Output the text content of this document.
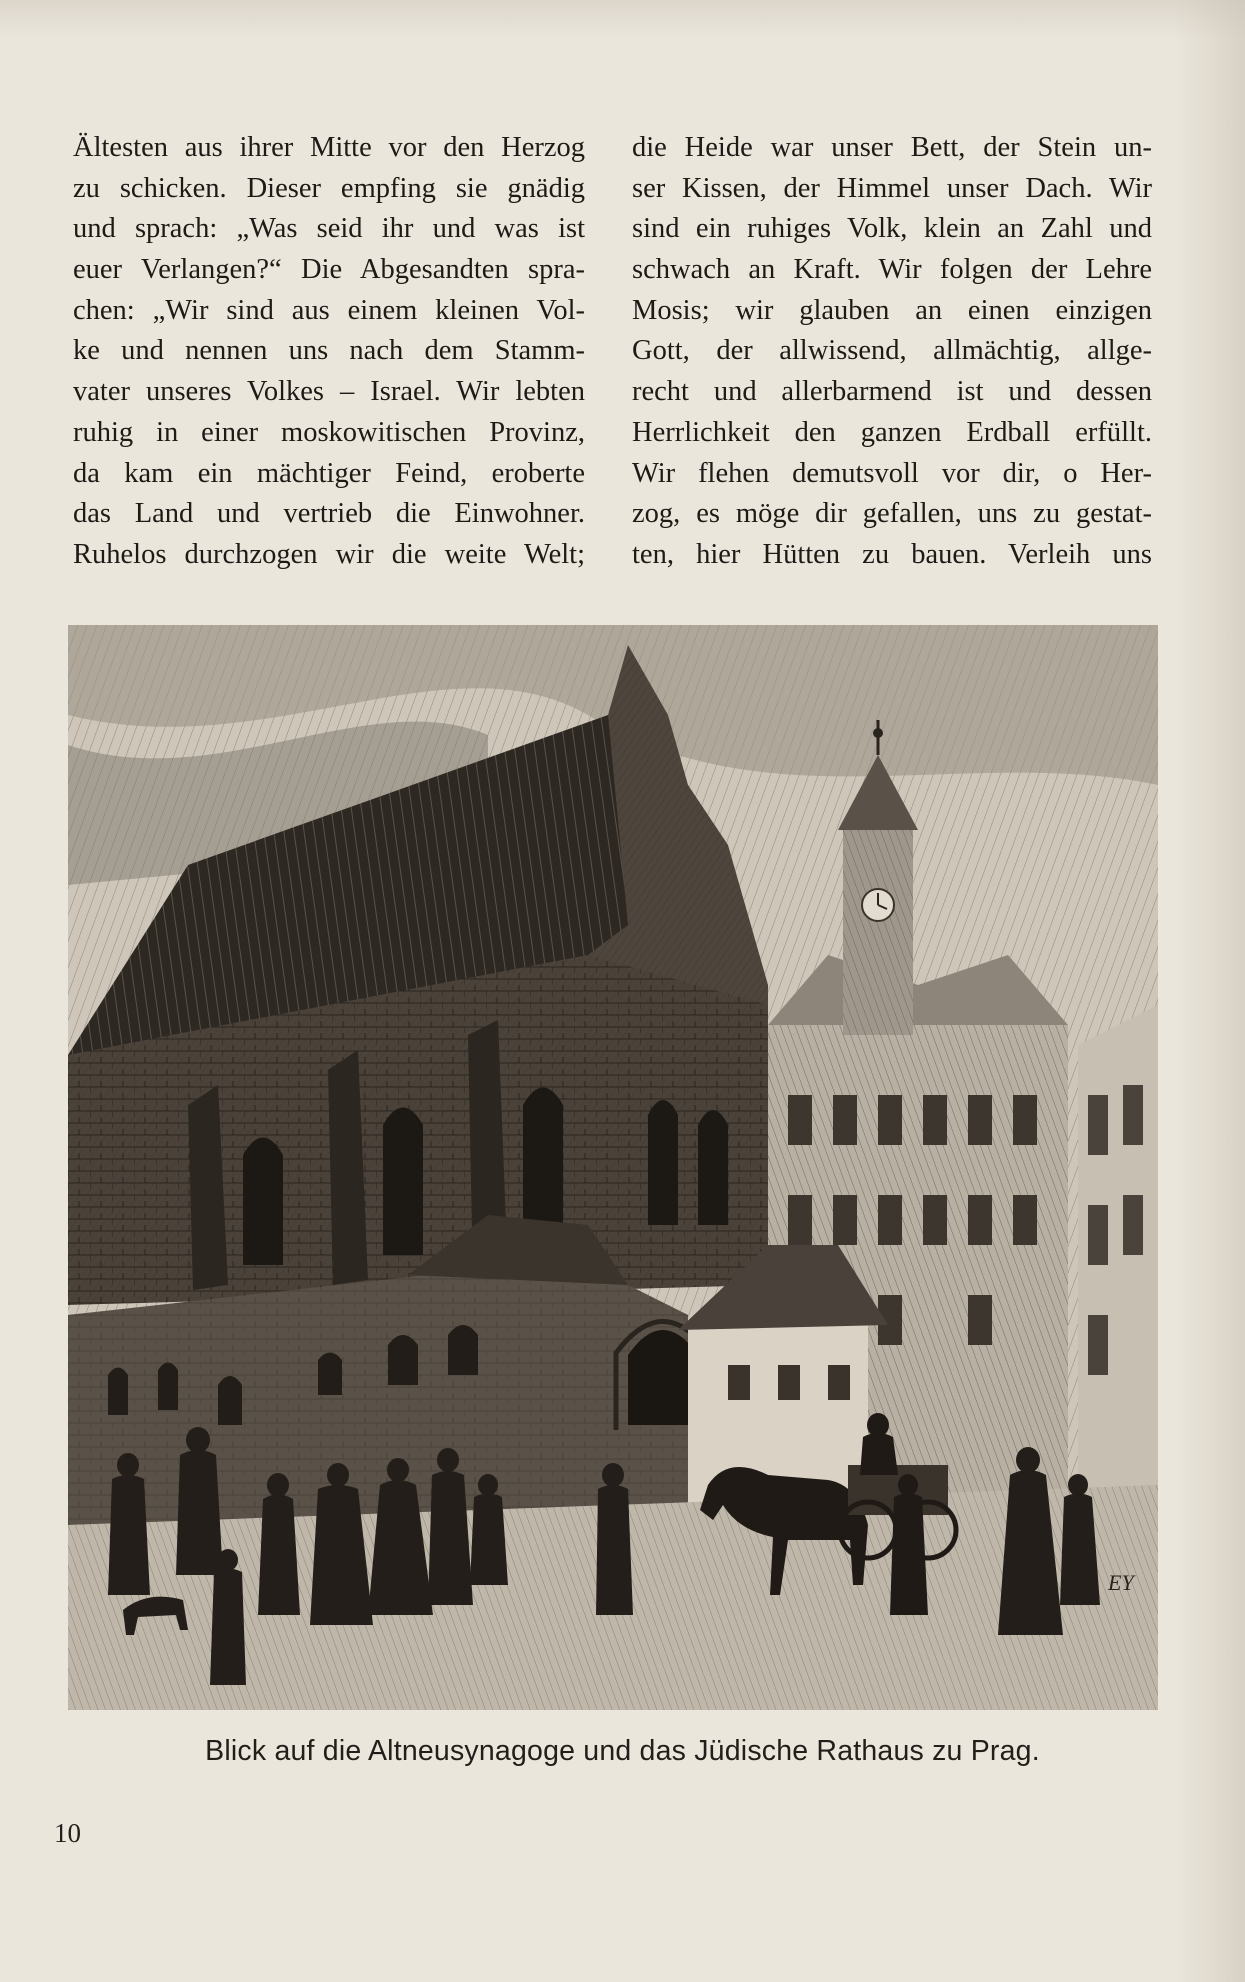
Ältesten aus ihrer Mitte vor den Herzog
zu schicken. Dieser empfing sie gnädig
und sprach: „Was seid ihr und was ist
euer Verlangen?“ Die Abgesandten spra-
chen: „Wir sind aus einem kleinen Vol-
ke und nennen uns nach dem Stamm-
vater unseres Volkes – Israel. Wir lebten
ruhig in einer moskowitischen Provinz,
da kam ein mächtiger Feind, eroberte
das Land und vertrieb die Einwohner.
Ruhelos durchzogen wir die weite Welt;
die Heide war unser Bett, der Stein un-
ser Kissen, der Himmel unser Dach. Wir
sind ein ruhiges Volk, klein an Zahl und
schwach an Kraft. Wir folgen der Lehre
Mosis; wir glauben an einen einzigen
Gott, der allwissend, allmächtig, allge-
recht und allerbarmend ist und dessen
Herrlichkeit den ganzen Erdball erfüllt.
Wir flehen demutsvoll vor dir, o Her-
zog, es möge dir gefallen, uns zu gestat-
ten, hier Hütten zu bauen. Verleih uns
EY
Blick auf die Altneusynagoge und das Jüdische Rathaus zu Prag.
10
